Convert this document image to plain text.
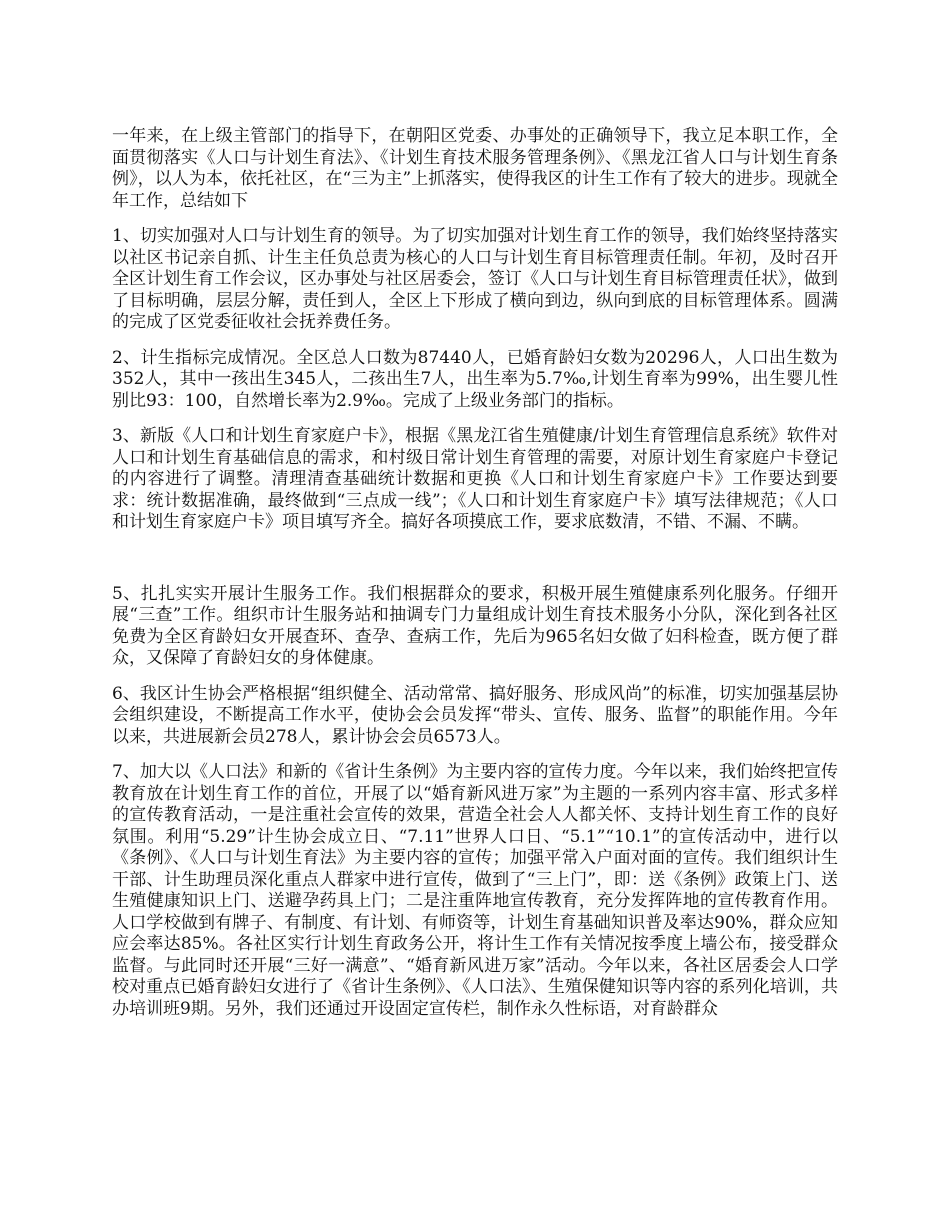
一年来，在上级主管部门的指导下，在朝阳区党委、办事处的正确领导下，我立足本职工作，全面贯彻落实《人口与计划生育法》、《计划生育技术服务管理条例》、《黑龙江省人口与计划生育条例》，以人为本，依托社区，在“三为主”上抓落实，使得我区的计生工作有了较大的进步。现就全年工作，总结如下

1、切实加强对人口与计划生育的领导。为了切实加强对计划生育工作的领导，我们始终坚持落实以社区书记亲自抓、计生主任负总责为核心的人口与计划生育目标管理责任制。年初，及时召开全区计划生育工作会议，区办事处与社区居委会，签订《人口与计划生育目标管理责任状》，做到了目标明确，层层分解，责任到人，全区上下形成了横向到边，纵向到底的目标管理体系。圆满的完成了区党委征收社会抚养费任务。

2、计生指标完成情况。全区总人口数为87440人，已婚育龄妇女数为20296人，人口出生数为352人，其中一孩出生345人，二孩出生7人，出生率为5.7‰,计划生育率为99%，出生婴儿性别比93：100，自然增长率为2.9‰。完成了上级业务部门的指标。

3、新版《人口和计划生育家庭户卡》，根据《黑龙江省生殖健康/计划生育管理信息系统》软件对人口和计划生育基础信息的需求，和村级日常计划生育管理的需要，对原计划生育家庭户卡登记的内容进行了调整。清理清查基础统计数据和更换《人口和计划生育家庭户卡》工作要达到要求：统计数据准确，最终做到“三点成一线”；《人口和计划生育家庭户卡》填写法律规范；《人口和计划生育家庭户卡》项目填写齐全。搞好各项摸底工作，要求底数清，不错、不漏、不瞒。

5、扎扎实实开展计生服务工作。我们根据群众的要求，积极开展生殖健康系列化服务。仔细开展“三查”工作。组织市计生服务站和抽调专门力量组成计划生育技术服务小分队，深化到各社区免费为全区育龄妇女开展查环、查孕、查病工作，先后为965名妇女做了妇科检查，既方便了群众，又保障了育龄妇女的身体健康。

6、我区计生协会严格根据“组织健全、活动常常、搞好服务、形成风尚”的标准，切实加强基层协会组织建设，不断提高工作水平，使协会会员发挥“带头、宣传、服务、监督”的职能作用。今年以来，共进展新会员278人，累计协会会员6573人。

7、加大以《人口法》和新的《省计生条例》为主要内容的宣传力度。今年以来，我们始终把宣传教育放在计划生育工作的首位，开展了以“婚育新风进万家”为主题的一系列内容丰富、形式多样的宣传教育活动，一是注重社会宣传的效果，营造全社会人人都关怀、支持计划生育工作的良好氛围。利用“5.29”计生协会成立日、“7.11”世界人口日、“5.1”“10.1”的宣传活动中，进行以《条例》、《人口与计划生育法》为主要内容的宣传；加强平常入户面对面的宣传。我们组织计生干部、计生助理员深化重点人群家中进行宣传，做到了“三上门”，即：送《条例》政策上门、送生殖健康知识上门、送避孕药具上门；二是注重阵地宣传教育，充分发挥阵地的宣传教育作用。人口学校做到有牌子、有制度、有计划、有师资等，计划生育基础知识普及率达90%，群众应知应会率达85%。各社区实行计划生育政务公开，将计生工作有关情况按季度上墙公布，接受群众监督。与此同时还开展“三好一满意”、“婚育新风进万家”活动。今年以来，各社区居委会人口学校对重点已婚育龄妇女进行了《省计生条例》、《人口法》、生殖保健知识等内容的系列化培训，共办培训班9期。另外，我们还通过开设固定宣传栏，制作永久性标语，对育龄群众
